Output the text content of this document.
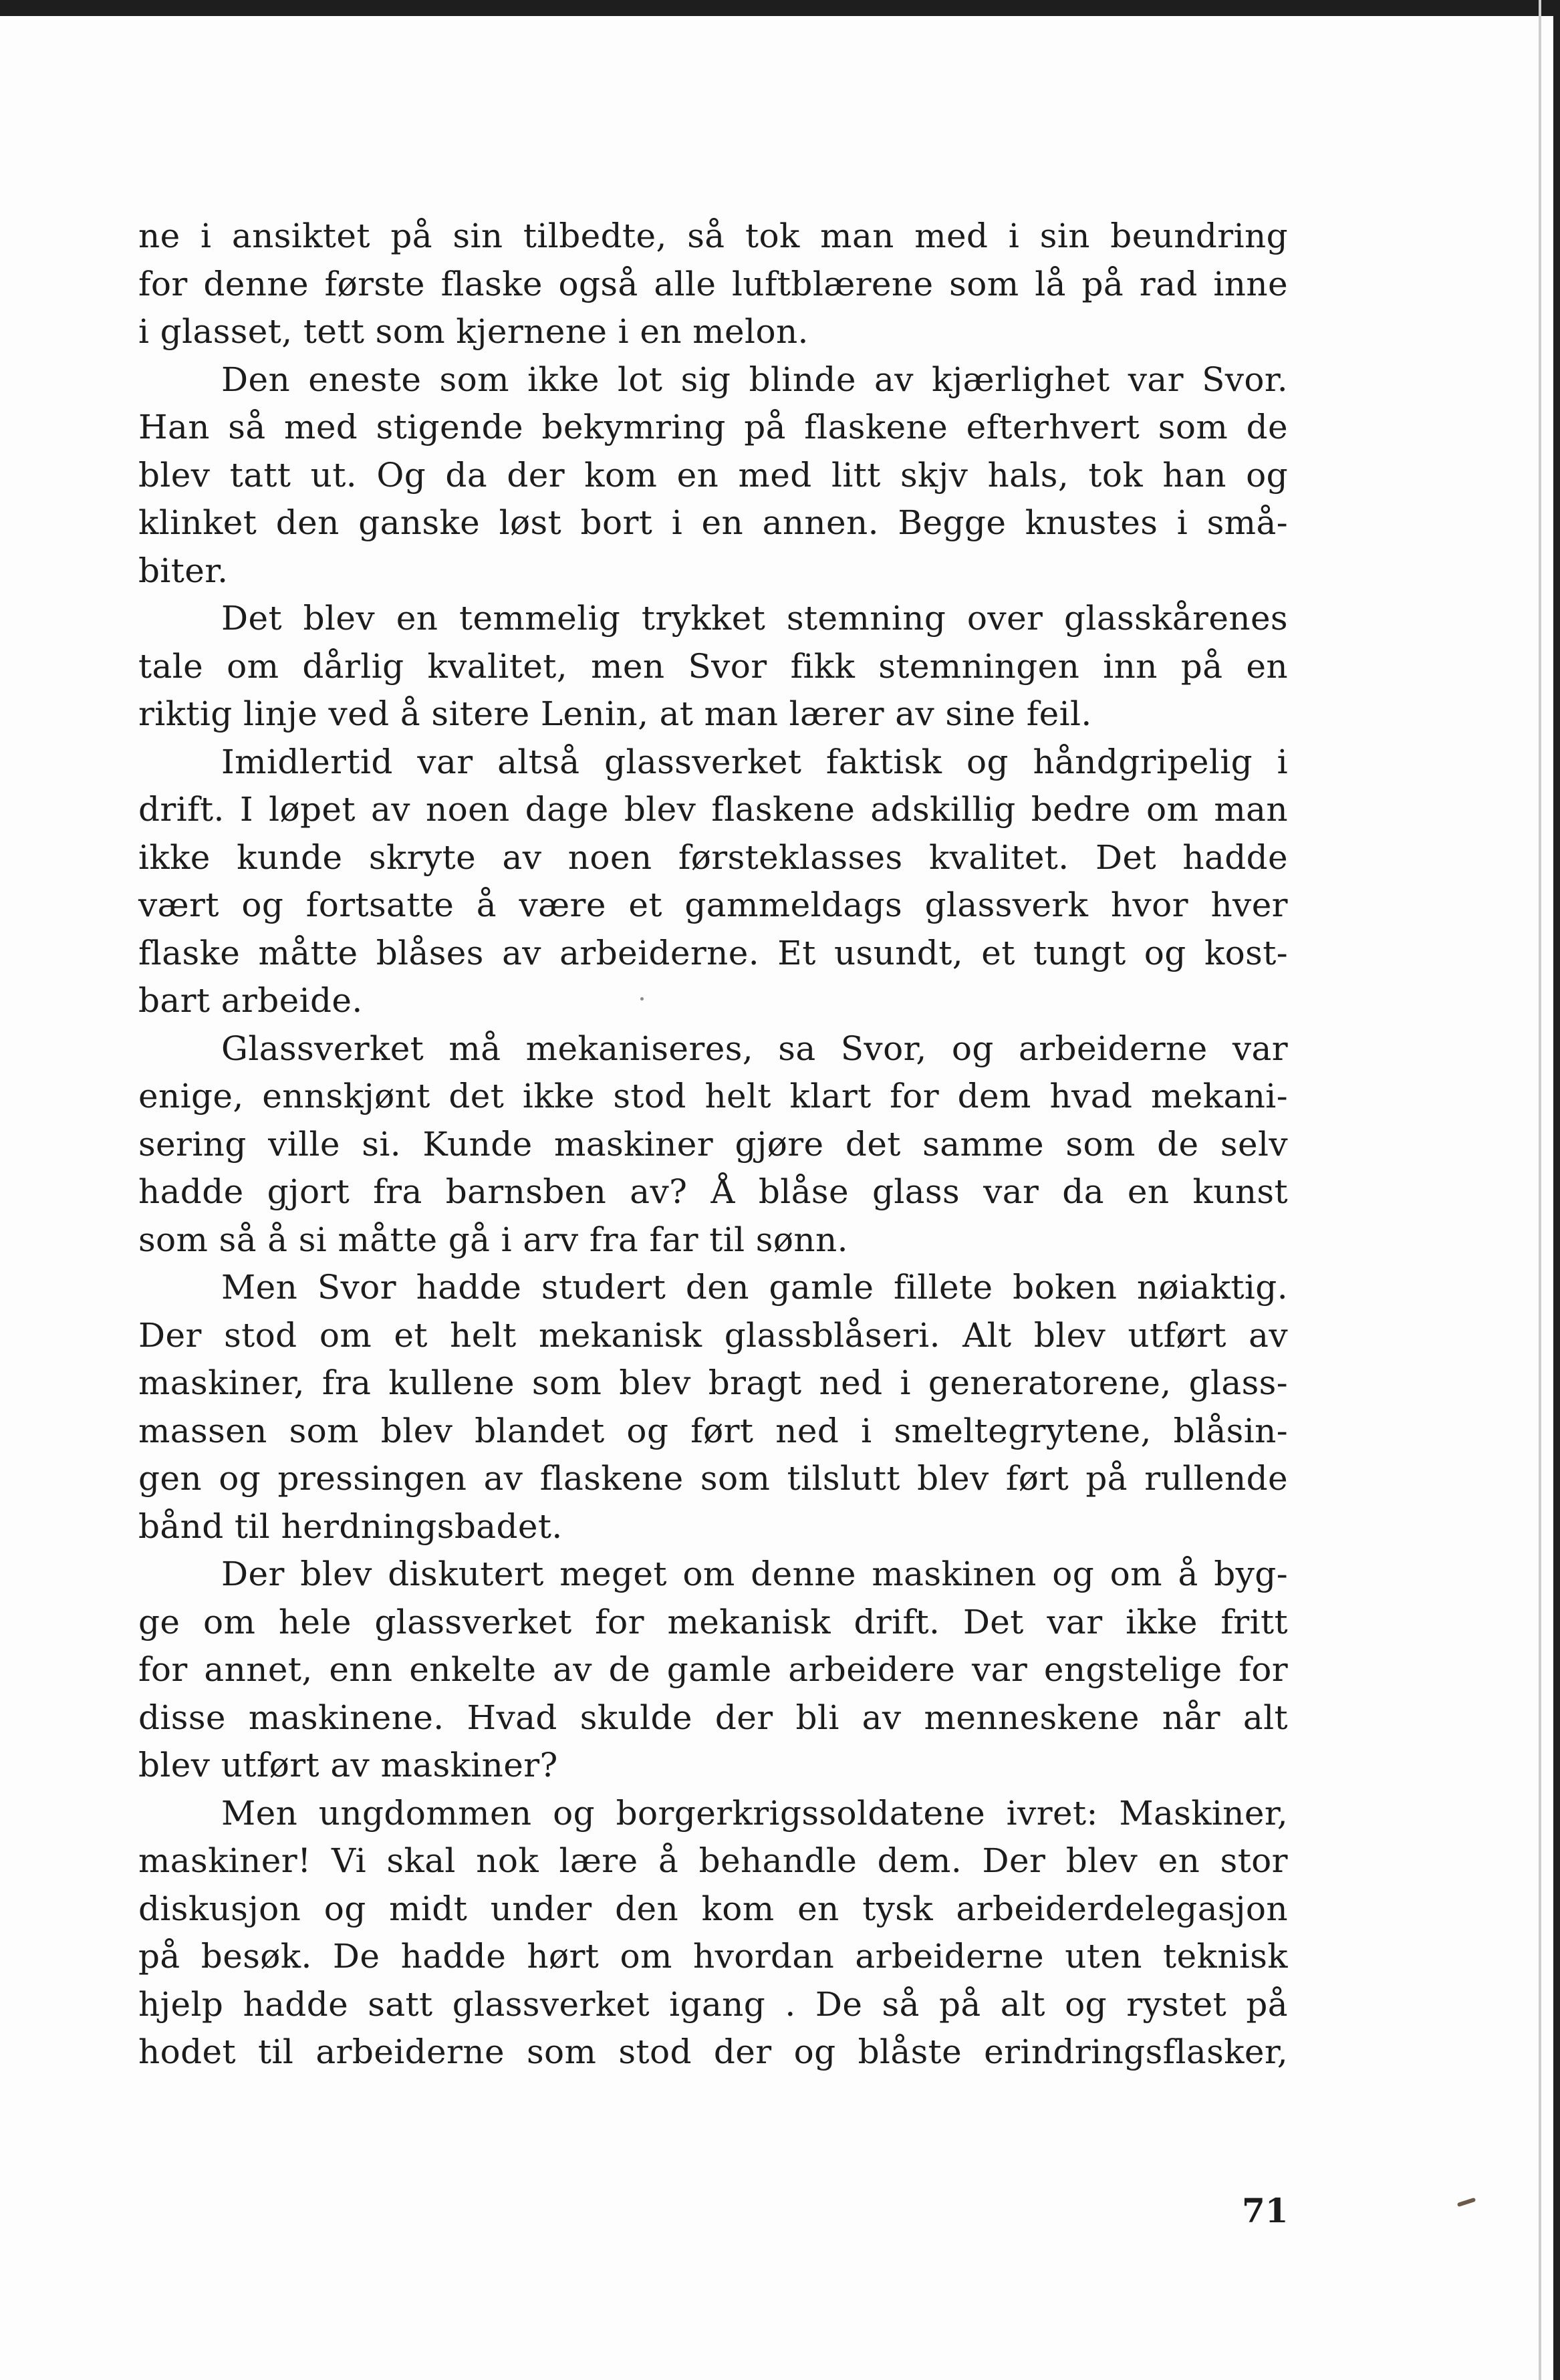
ne i ansiktet på sin tilbedte, så tok man med i sin beundring
for denne første flaske også alle luftblærene som lå på rad inne
i glasset, tett som kjernene i en melon.
Den eneste som ikke lot sig blinde av kjærlighet var Svor.
Han så med stigende bekymring på flaskene efterhvert som de
blev tatt ut. Og da der kom en med litt skjv hals, tok han og
klinket den ganske løst bort i en annen. Begge knustes i små-
biter.
Det blev en temmelig trykket stemning over glasskårenes
tale om dårlig kvalitet, men Svor fikk stemningen inn på en
riktig linje ved å sitere Lenin, at man lærer av sine feil.
Imidlertid var altså glassverket faktisk og håndgripelig i
drift. I løpet av noen dage blev flaskene adskillig bedre om man
ikke kunde skryte av noen førsteklasses kvalitet. Det hadde
vært og fortsatte å være et gammeldags glassverk hvor hver
flaske måtte blåses av arbeiderne. Et usundt, et tungt og kost-
bart arbeide.
Glassverket må mekaniseres, sa Svor, og arbeiderne var
enige, ennskjønt det ikke stod helt klart for dem hvad mekani-
sering ville si. Kunde maskiner gjøre det samme som de selv
hadde gjort fra barnsben av? Å blåse glass var da en kunst
som så å si måtte gå i arv fra far til sønn.
Men Svor hadde studert den gamle fillete boken nøiaktig.
Der stod om et helt mekanisk glassblåseri. Alt blev utført av
maskiner, fra kullene som blev bragt ned i generatorene, glass-
massen som blev blandet og ført ned i smeltegrytene, blåsin-
gen og pressingen av flaskene som tilslutt blev ført på rullende
bånd til herdningsbadet.
Der blev diskutert meget om denne maskinen og om å byg-
ge om hele glassverket for mekanisk drift. Det var ikke fritt
for annet, enn enkelte av de gamle arbeidere var engstelige for
disse maskinene. Hvad skulde der bli av menneskene når alt
blev utført av maskiner?
Men ungdommen og borgerkrigssoldatene ivret: Maskiner,
maskiner! Vi skal nok lære å behandle dem. Der blev en stor
diskusjon og midt under den kom en tysk arbeiderdelegasjon
på besøk. De hadde hørt om hvordan arbeiderne uten teknisk
hjelp hadde satt glassverket igang . De så på alt og rystet på
hodet til arbeiderne som stod der og blåste erindringsflasker,
71
